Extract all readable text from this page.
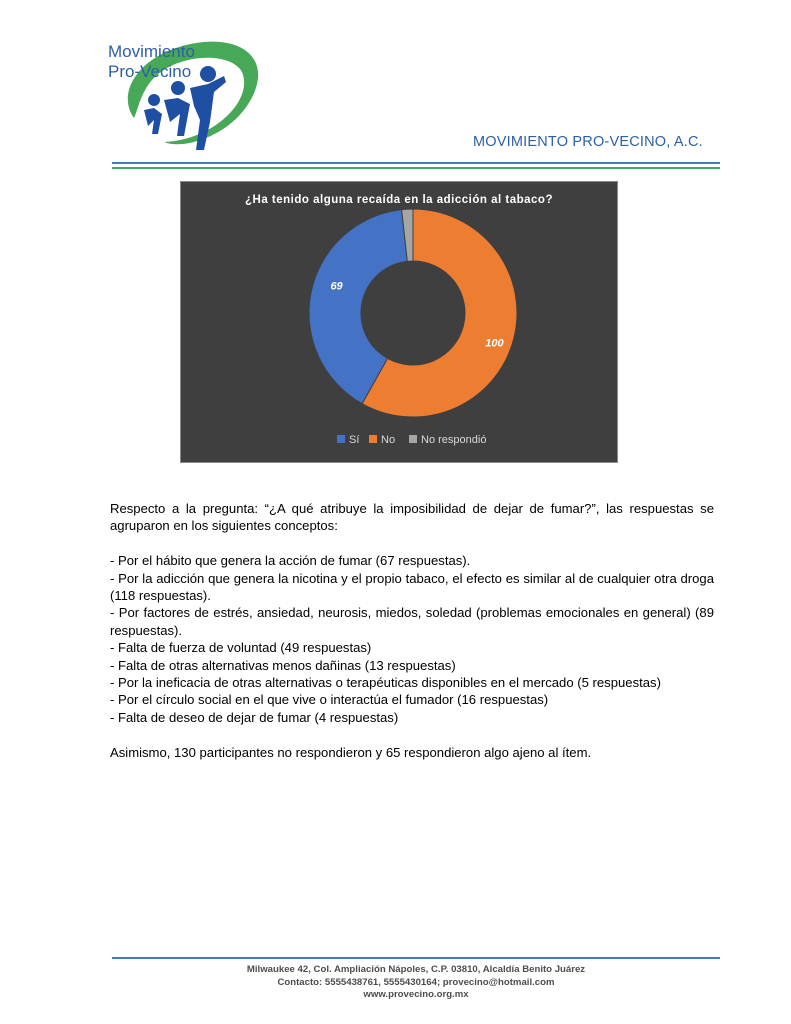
Movimiento
Pro-Vecino
MOVIMIENTO PRO-VECINO, A.C.
¿Ha tenido alguna recaída en la adicción al tabaco?
100
69
Sí No No respondió

Respecto a la pregunta: “¿A qué atribuye la imposibilidad de dejar de fumar?”, las respuestas se agruparon en los siguientes conceptos:

- Por el hábito que genera la acción de fumar (67 respuestas).
- Por la adicción que genera la nicotina y el propio tabaco, el efecto es similar al de cualquier otra droga (118 respuestas).
- Por factores de estrés, ansiedad, neurosis, miedos, soledad (problemas emocionales en general) (89 respuestas).
- Falta de fuerza de voluntad (49 respuestas)
- Falta de otras alternativas menos dañinas (13 respuestas)
- Por la ineficacia de otras alternativas o terapéuticas disponibles en el mercado (5 respuestas)
- Por el círculo social en el que vive o interactúa el fumador (16 respuestas)
- Falta de deseo de dejar de fumar (4 respuestas)

Asimismo, 130 participantes no respondieron y 65 respondieron algo ajeno al ítem.

Milwaukee 42, Col. Ampliación Nápoles, C.P. 03810, Alcaldía Benito Juárez
Contacto: 5555438761, 5555430164; provecino@hotmail.com
www.provecino.org.mx
